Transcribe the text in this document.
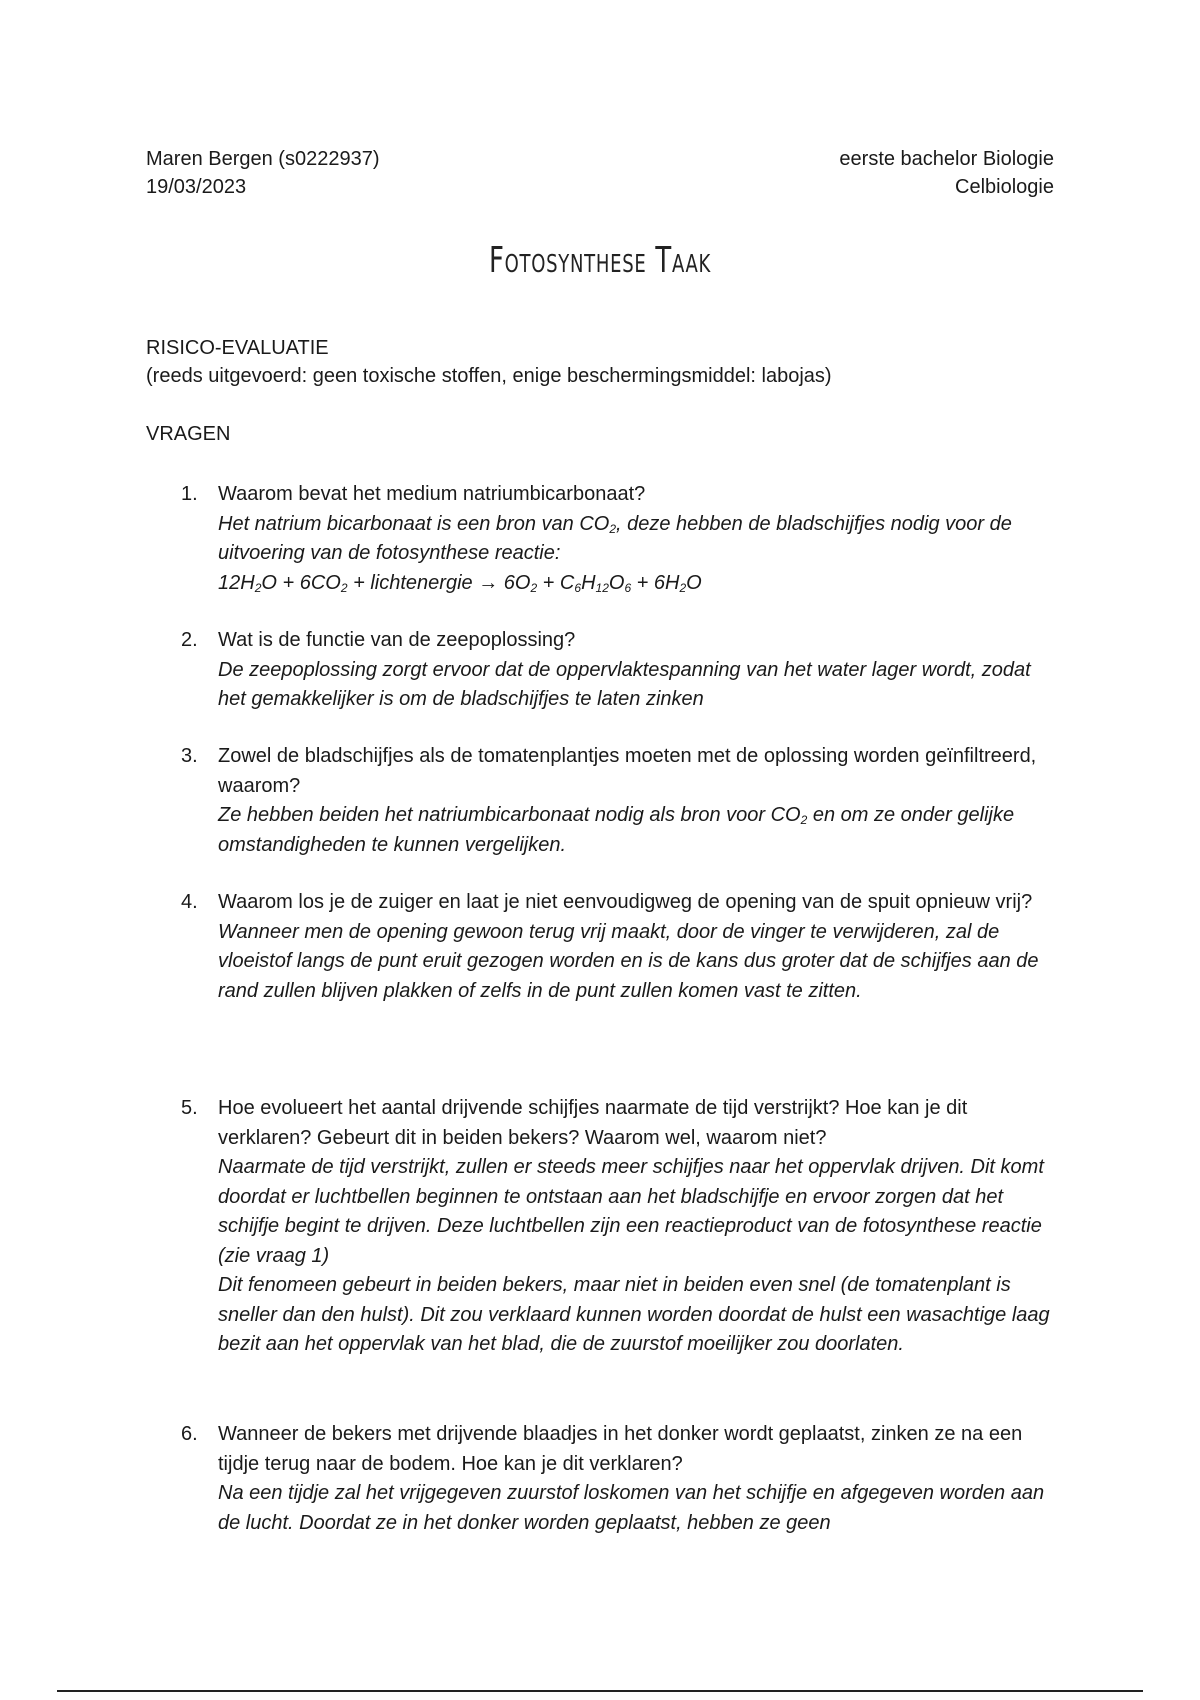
Maren Bergen (s0222937)
19/03/2023
eerste bachelor Biologie
Celbiologie
Fotosynthese Taak
RISICO-EVALUATIE
(reeds uitgevoerd: geen toxische stoffen, enige beschermingsmiddel: labojas)
VRAGEN
1. Waarom bevat het medium natriumbicarbonaat?
Het natrium bicarbonaat is een bron van $CO_2$, deze hebben de bladschijfjes nodig voor de uitvoering van de fotosynthese reactie:
$12H_2O + 6CO_2$ + lichtenergie → $6O_2 + C_6H_{12}O_6 + 6H_2O$
2. Wat is de functie van de zeepoplossing?
De zeepoplossing zorgt ervoor dat de oppervlaktespanning van het water lager wordt, zodat het gemakkelijker is om de bladschijfjes te laten zinken
3. Zowel de bladschijfjes als de tomatenplantjes moeten met de oplossing worden geïnfiltreerd, waarom?
Ze hebben beiden het natriumbicarbonaat nodig als bron voor $CO_2$ en om ze onder gelijke omstandigheden te kunnen vergelijken.
4. Waarom los je de zuiger en laat je niet eenvoudigweg de opening van de spuit opnieuw vrij?
Wanneer men de opening gewoon terug vrij maakt, door de vinger te verwijderen, zal de vloeistof langs de punt eruit gezogen worden en is de kans dus groter dat de schijfjes aan de rand zullen blijven plakken of zelfs in de punt zullen komen vast te zitten.
5. Hoe evolueert het aantal drijvende schijfjes naarmate de tijd verstrijkt? Hoe kan je dit verklaren? Gebeurt dit in beiden bekers? Waarom wel, waarom niet?
Naarmate de tijd verstrijkt, zullen er steeds meer schijfjes naar het oppervlak drijven. Dit komt doordat er luchtbellen beginnen te ontstaan aan het bladschijfje en ervoor zorgen dat het schijfje begint te drijven. Deze luchtbellen zijn een reactieproduct van de fotosynthese reactie (zie vraag 1)
Dit fenomeen gebeurt in beiden bekers, maar niet in beiden even snel (de tomatenplant is sneller dan den hulst). Dit zou verklaard kunnen worden doordat de hulst een wasachtige laag bezit aan het oppervlak van het blad, die de zuurstof moeilijker zou doorlaten.
6. Wanneer de bekers met drijvende blaadjes in het donker wordt geplaatst, zinken ze na een tijdje terug naar de bodem. Hoe kan je dit verklaren?
Na een tijdje zal het vrijgegeven zuurstof loskomen van het schijfje en afgegeven worden aan de lucht. Doordat ze in het donker worden geplaatst, hebben ze geen
